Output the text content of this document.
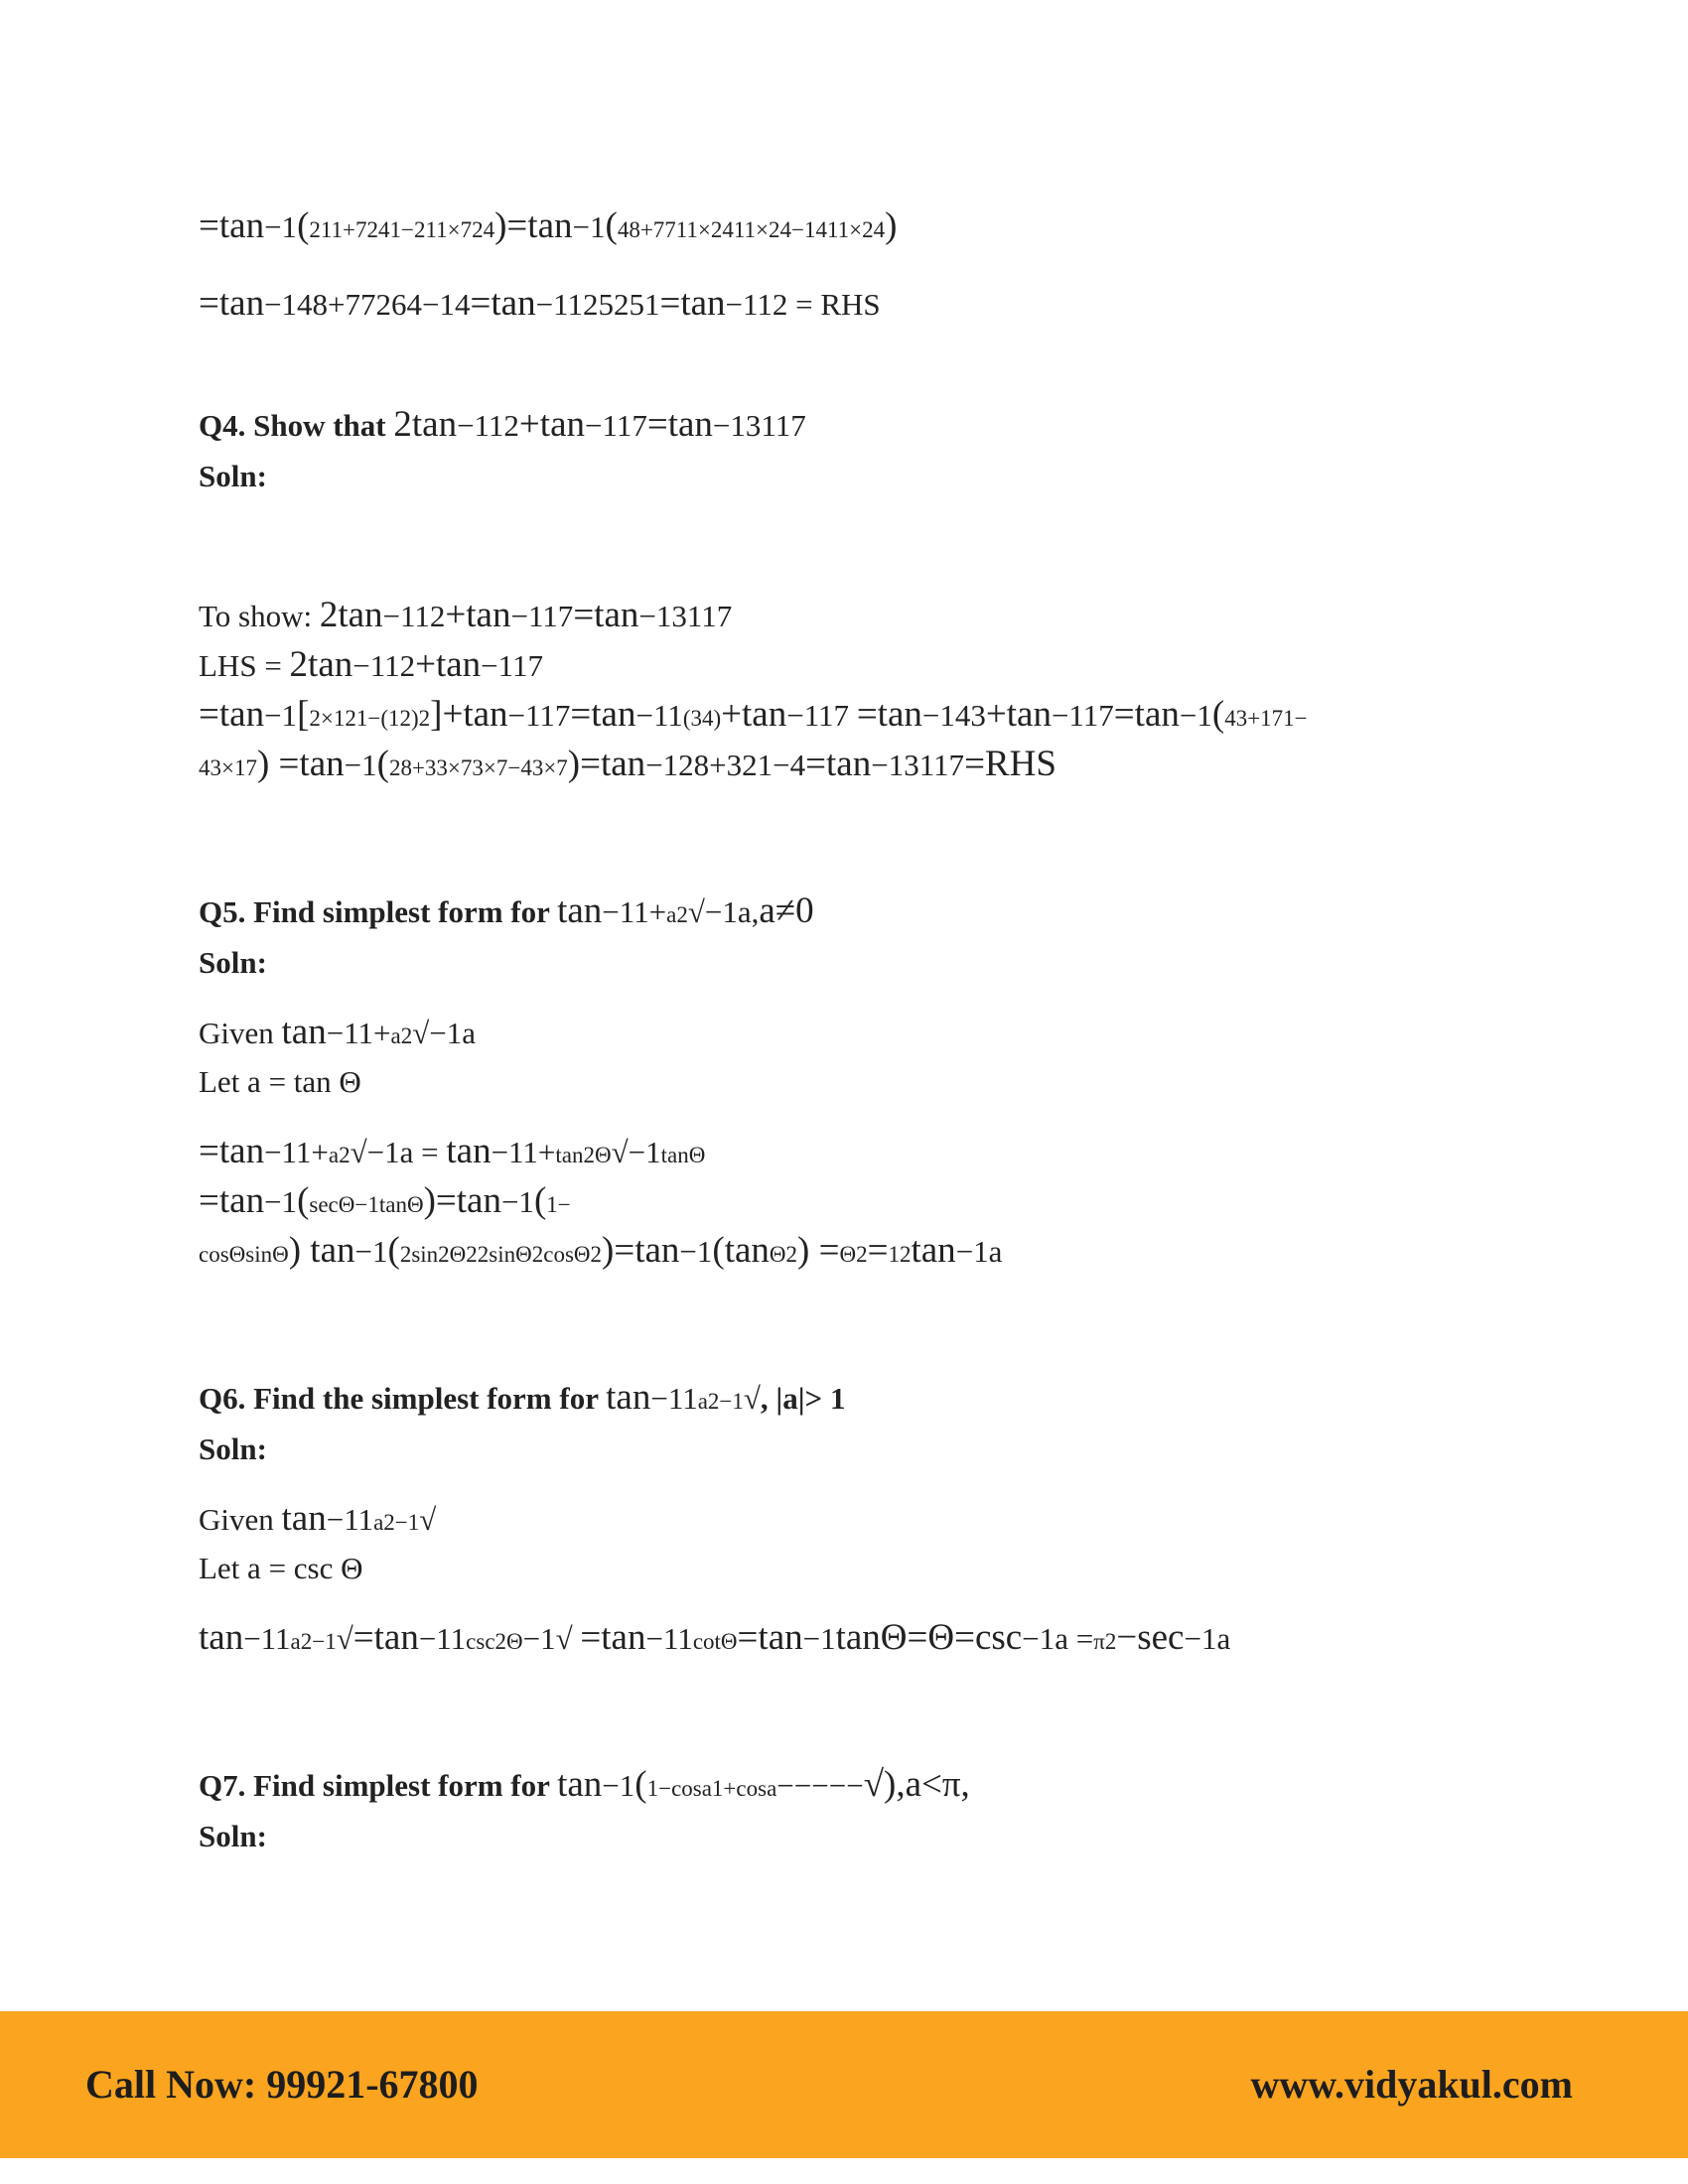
=tan−1(211+7241−211×724)=tan−1(48+7711×2411×24−1411×24)
=tan−148+77264−14=tan−1125251=tan−112 = RHS
Q4. Show that 2tan−112+tan−117=tan−13117
Soln:
To show: 2tan−112+tan−117=tan−13117
LHS = 2tan−112+tan−117
=tan−1[2×121−(12)2]+tan−117=tan−11(34)+tan−117 =tan−143+tan−117=tan−1(43+171−
43×17) =tan−1(28+33×73×7−43×7)=tan−128+321−4=tan−13117=RHS
Q5. Find simplest form for tan−11+a2√−1a,a≠0
Soln:
Given tan−11+a2√−1a
Let a = tan Θ
=tan−11+a2√−1a = tan−11+tan2Θ√−1tanΘ
=tan−1(secΘ−1tanΘ)=tan−1(1−
cosΘsinΘ) tan−1(2sin2Θ22sinΘ2cosΘ2)=tan−1(tanΘ2) =Θ2=12tan−1a
Q6. Find the simplest form for tan−11a2−1√, |a|> 1
Soln:
Given tan−11a2−1√
Let a = csc Θ
tan−11a2−1√=tan−11csc2Θ−1√ =tan−11cotΘ=tan−1tanΘ=Θ=csc−1a =π2−sec−1a
Q7. Find simplest form for tan−1(1−cosa1+cosa−−−−−√),a<π,
Soln:
Call Now: 99921-67800	www.vidyakul.com
